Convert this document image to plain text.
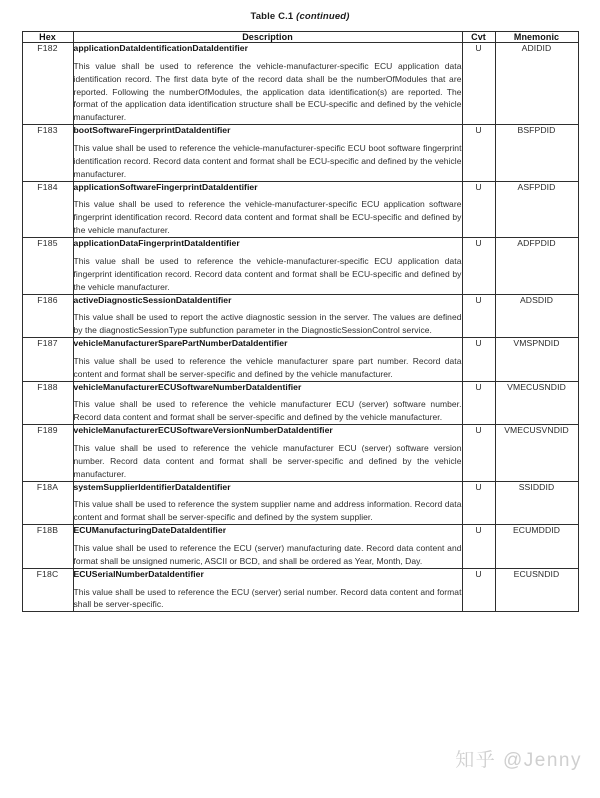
Table C.1 (continued)
Hex	Description	Cvt	Mnemonic
F182	applicationDataIdentificationDataIdentifier
This value shall be used to reference the vehicle-manufacturer-specific ECU application data identification record. The first data byte of the record data shall be the numberOfModules that are reported. Following the numberOfModules, the application data identification(s) are reported. The format of the application data identification structure shall be ECU-specific and defined by the vehicle manufacturer.	U	ADIDID
F183	bootSoftwareFingerprintDataIdentifier
This value shall be used to reference the vehicle-manufacturer-specific ECU boot software fingerprint identification record. Record data content and format shall be ECU-specific and defined by the vehicle manufacturer.	U	BSFPDID
F184	applicationSoftwareFingerprintDataIdentifier
This value shall be used to reference the vehicle-manufacturer-specific ECU application software fingerprint identification record. Record data content and format shall be ECU-specific and defined by the vehicle manufacturer.	U	ASFPDID
F185	applicationDataFingerprintDataIdentifier
This value shall be used to reference the vehicle-manufacturer-specific ECU application data fingerprint identification record. Record data content and format shall be ECU-specific and defined by the vehicle manufacturer.	U	ADFPDID
F186	activeDiagnosticSessionDataIdentifier
This value shall be used to report the active diagnostic session in the server. The values are defined by the diagnosticSessionType subfunction parameter in the DiagnosticSessionControl service.	U	ADSDID
F187	vehicleManufacturerSparePartNumberDataIdentifier
This value shall be used to reference the vehicle manufacturer spare part number. Record data content and format shall be server-specific and defined by the vehicle manufacturer.	U	VMSPNDID
F188	vehicleManufacturerECUSoftwareNumberDataIdentifier
This value shall be used to reference the vehicle manufacturer ECU (server) software number. Record data content and format shall be server-specific and defined by the vehicle manufacturer.	U	VMECUSNDID
F189	vehicleManufacturerECUSoftwareVersionNumberDataIdentifier
This value shall be used to reference the vehicle manufacturer ECU (server) software version number. Record data content and format shall be server-specific and defined by the vehicle manufacturer.	U	VMECUSVNDID
F18A	systemSupplierIdentifierDataIdentifier
This value shall be used to reference the system supplier name and address information. Record data content and format shall be server-specific and defined by the system supplier.	U	SSIDDID
F18B	ECUManufacturingDateDataIdentifier
This value shall be used to reference the ECU (server) manufacturing date. Record data content and format shall be unsigned numeric, ASCII or BCD, and shall be ordered as Year, Month, Day.	U	ECUMDDID
F18C	ECUSerialNumberDataIdentifier
This value shall be used to reference the ECU (server) serial number. Record data content and format shall be server-specific.	U	ECUSNDID
知乎 @Jenny
